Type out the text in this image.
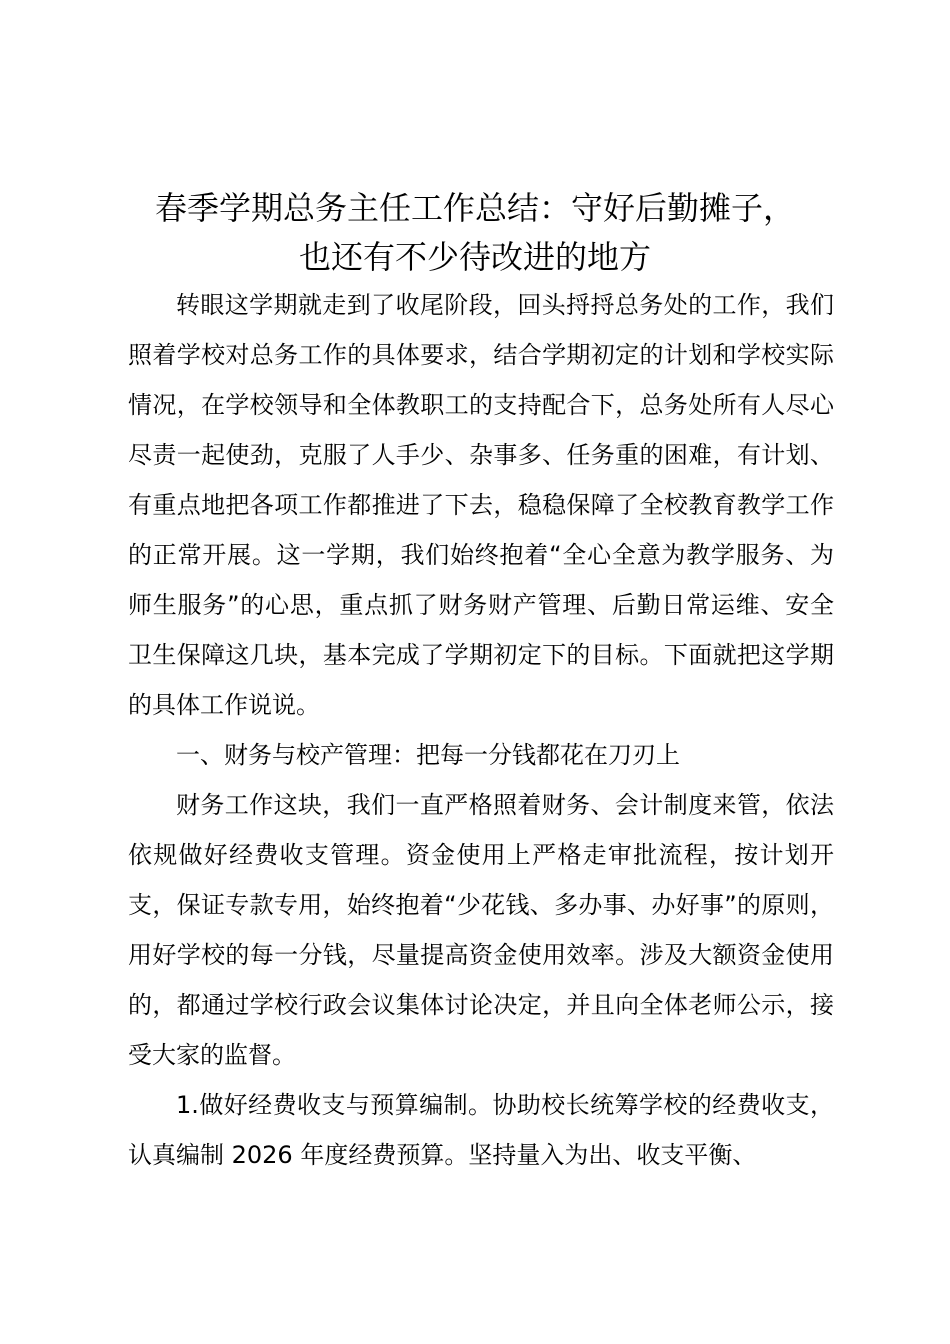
春季学期总务主任工作总结：守好后勤摊子，
也还有不少待改进的地方

转眼这学期就走到了收尾阶段，回头捋捋总务处的工作，我们照着学校对总务工作的具体要求，结合学期初定的计划和学校实际情况，在学校领导和全体教职工的支持配合下，总务处所有人尽心尽责一起使劲，克服了人手少、杂事多、任务重的困难，有计划、有重点地把各项工作都推进了下去，稳稳保障了全校教育教学工作的正常开展。这一学期，我们始终抱着“全心全意为教学服务、为师生服务”的心思，重点抓了财务财产管理、后勤日常运维、安全卫生保障这几块，基本完成了学期初定下的目标。下面就把这学期的具体工作说说。

一、财务与校产管理：把每一分钱都花在刀刃上

财务工作这块，我们一直严格照着财务、会计制度来管，依法依规做好经费收支管理。资金使用上严格走审批流程，按计划开支，保证专款专用，始终抱着“少花钱、多办事、办好事”的原则，用好学校的每一分钱，尽量提高资金使用效率。涉及大额资金使用的，都通过学校行政会议集体讨论决定，并且向全体老师公示，接受大家的监督。

1.做好经费收支与预算编制。协助校长统筹学校的经费收支，认真编制 2026 年度经费预算。坚持量入为出、收支平衡、
